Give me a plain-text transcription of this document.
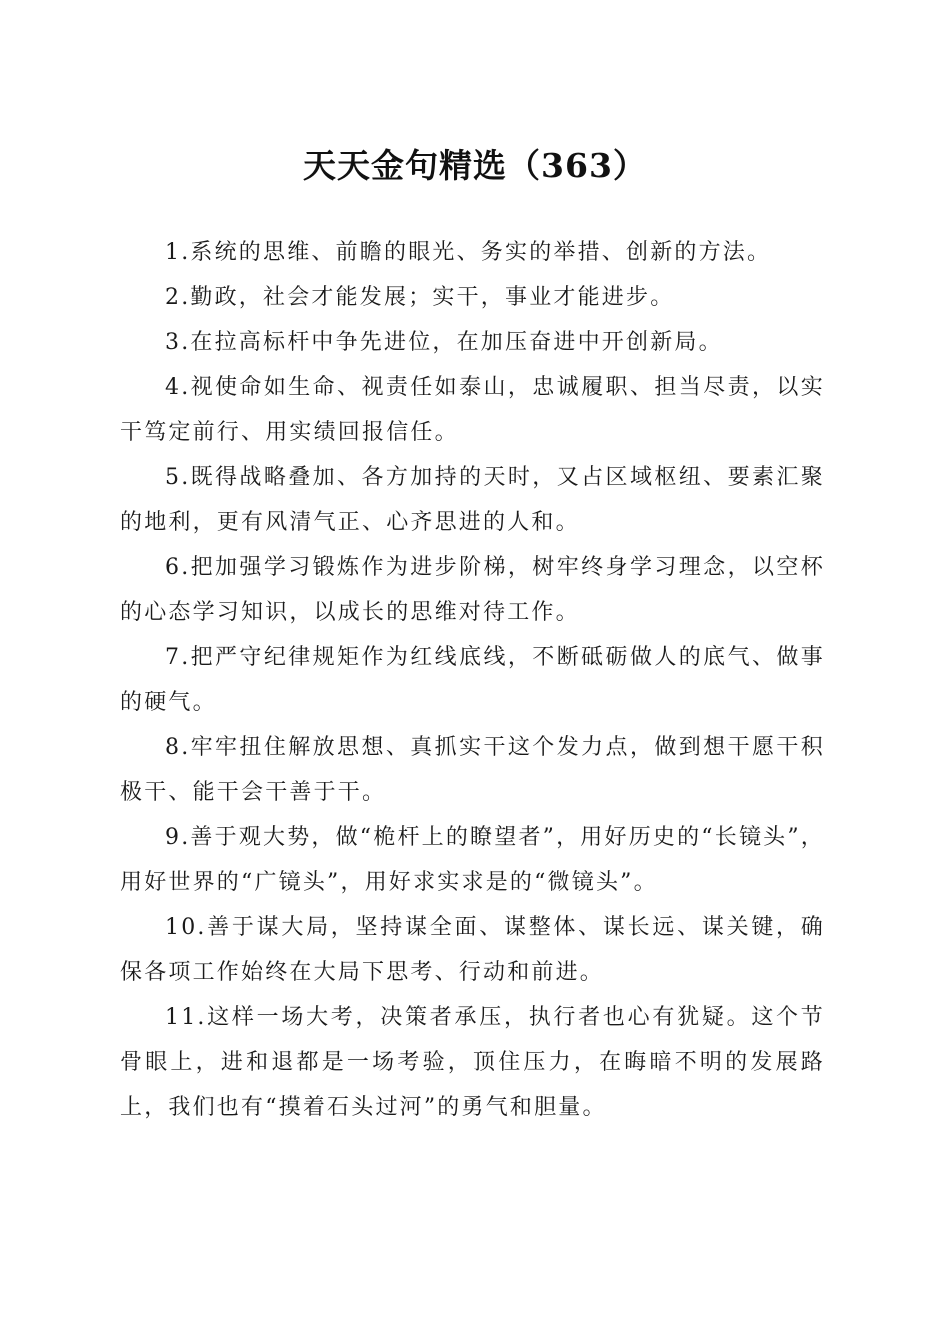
天天金句精选（363）

1.系统的思维、前瞻的眼光、务实的举措、创新的方法。

2.勤政，社会才能发展；实干，事业才能进步。

3.在拉高标杆中争先进位，在加压奋进中开创新局。

4.视使命如生命、视责任如泰山，忠诚履职、担当尽责，以实干笃定前行、用实绩回报信任。

5.既得战略叠加、各方加持的天时，又占区域枢纽、要素汇聚的地利，更有风清气正、心齐思进的人和。

6.把加强学习锻炼作为进步阶梯，树牢终身学习理念，以空杯的心态学习知识，以成长的思维对待工作。

7.把严守纪律规矩作为红线底线，不断砥砺做人的底气、做事的硬气。

8.牢牢扭住解放思想、真抓实干这个发力点，做到想干愿干积极干、能干会干善于干。

9.善于观大势，做“桅杆上的瞭望者”，用好历史的“长镜头”，用好世界的“广镜头”，用好求实求是的“微镜头”。

10.善于谋大局，坚持谋全面、谋整体、谋长远、谋关键，确保各项工作始终在大局下思考、行动和前进。

11.这样一场大考，决策者承压，执行者也心有犹疑。这个节骨眼上，进和退都是一场考验，顶住压力，在晦暗不明的发展路上，我们也有“摸着石头过河”的勇气和胆量。
